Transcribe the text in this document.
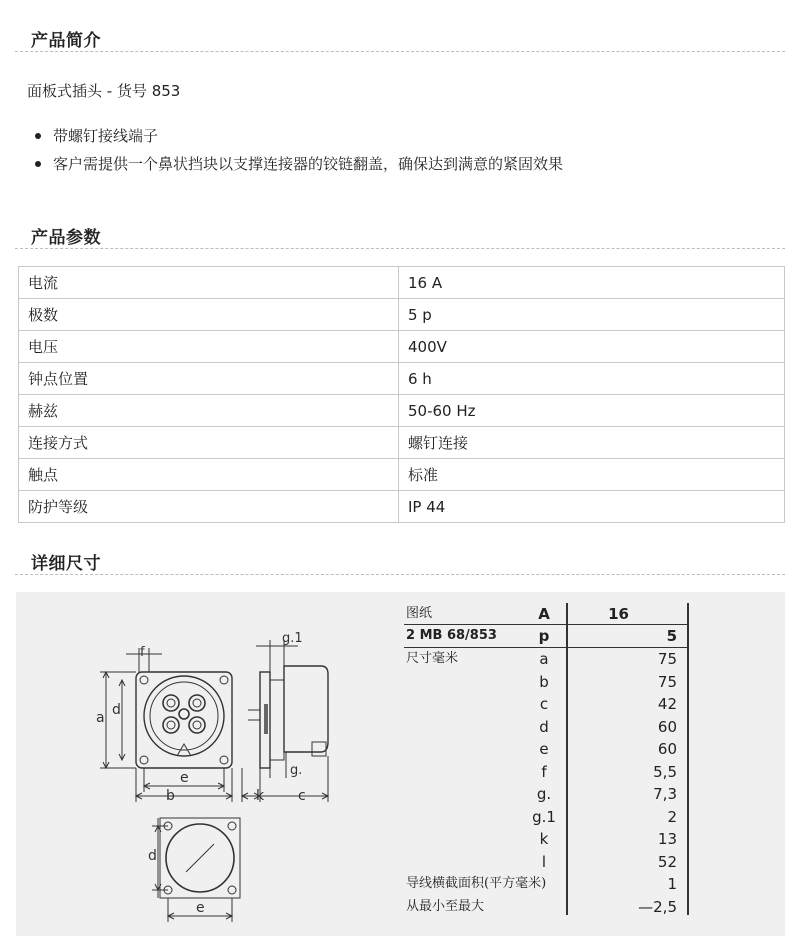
产品简介
面板式插头 - 货号 853
带螺钉接线端子
客户需提供一个鼻状挡块以支撑连接器的铰链翻盖，确保达到满意的紧固效果
产品参数
电流	16 A
极数	5 p
电压	400V
钟点位置	6 h
赫兹	50-60 Hz
连接方式	螺钉连接
触点	标准
防护等级	IP 44
详细尺寸
f
a d
e
b
g.1
g.
k c
d
e
图纸	A	16
2 MB 68/853	p	5
尺寸毫米	a	75
b	75
c	42
d	60
e	60
f	5,5
g.	7,3
g.1	2
k	13
l	52
导线横截面积(平方毫米)	1
从最小至最大	—2,5
